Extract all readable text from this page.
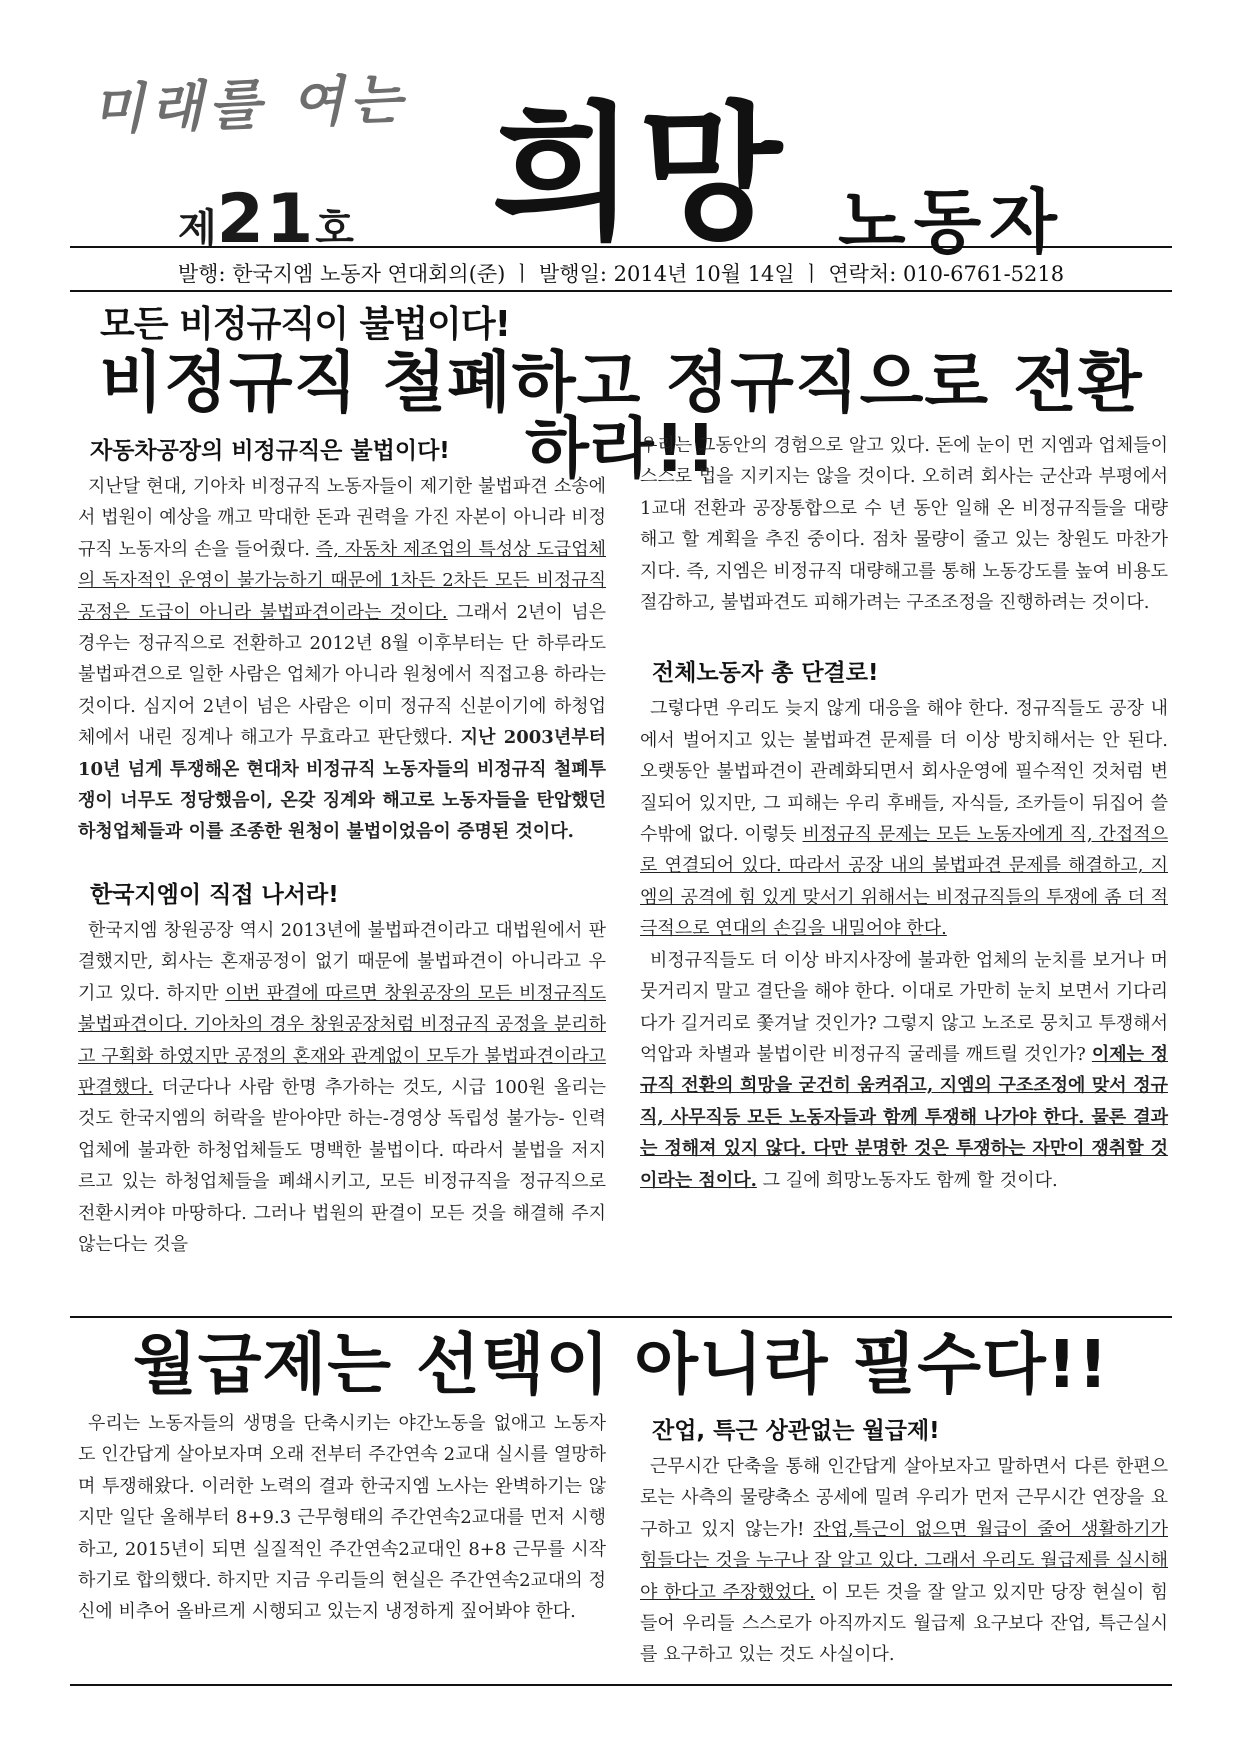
미래를 여는
제21호 희망 노동자
발행: 한국지엠 노동자 연대회의(준) ㅣ 발행일: 2014년 10월 14일 ㅣ 연락처: 010-6761-5218
모든 비정규직이 불법이다!
비정규직 철폐하고 정규직으로 전환하라!!
자동차공장의 비정규직은 불법이다!

지난달 현대, 기아차 비정규직 노동자들이 제기한 불법파견 소송에서 법원이 예상을 깨고 막대한 돈과 권력을 가진 자본이 아니라 비정규직 노동자의 손을 들어줬다. 즉, 자동차 제조업의 특성상 도급업체의 독자적인 운영이 불가능하기 때문에 1차든 2차든 모든 비정규직 공정은 도급이 아니라 불법파견이라는 것이다. 그래서 2년이 넘은 경우는 정규직으로 전환하고 2012년 8월 이후부터는 단 하루라도 불법파견으로 일한 사람은 업체가 아니라 원청에서 직접고용 하라는 것이다. 심지어 2년이 넘은 사람은 이미 정규직 신분이기에 하청업체에서 내린 징계나 해고가 무효라고 판단했다. 지난 2003년부터 10년 넘게 투쟁해온 현대차 비정규직 노동자들의 비정규직 철폐투쟁이 너무도 정당했음이, 온갖 징계와 해고로 노동자들을 탄압했던 하청업체들과 이를 조종한 원청이 불법이었음이 증명된 것이다.

한국지엠이 직접 나서라!

한국지엠 창원공장 역시 2013년에 불법파견이라고 대법원에서 판결했지만, 회사는 혼재공정이 없기 때문에 불법파견이 아니라고 우기고 있다. 하지만 이번 판결에 따르면 창원공장의 모든 비정규직도 불법파견이다. 기아차의 경우 창원공장처럼 비정규직 공정을 분리하고 구획화 하였지만 공정의 혼재와 관계없이 모두가 불법파견이라고 판결했다. 더군다나 사람 한명 추가하는 것도, 시급 100원 올리는 것도 한국지엠의 허락을 받아야만 하는-경영상 독립성 불가능- 인력업체에 불과한 하청업체들도 명백한 불법이다. 따라서 불법을 저지르고 있는 하청업체들을 폐쇄시키고, 모든 비정규직을 정규직으로 전환시켜야 마땅하다. 그러나 법원의 판결이 모든 것을 해결해 주지 않는다는 것을

우리는 그동안의 경험으로 알고 있다. 돈에 눈이 먼 지엠과 업체들이 스스로 법을 지키지는 않을 것이다. 오히려 회사는 군산과 부평에서 1교대 전환과 공장통합으로 수 년 동안 일해 온 비정규직들을 대량해고 할 계획을 추진 중이다. 점차 물량이 줄고 있는 창원도 마찬가지다. 즉, 지엠은 비정규직 대량해고를 통해 노동강도를 높여 비용도 절감하고, 불법파견도 피해가려는 구조조정을 진행하려는 것이다.

전체노동자 총 단결로!

그렇다면 우리도 늦지 않게 대응을 해야 한다. 정규직들도 공장 내에서 벌어지고 있는 불법파견 문제를 더 이상 방치해서는 안 된다. 오랫동안 불법파견이 관례화되면서 회사운영에 필수적인 것처럼 변질되어 있지만, 그 피해는 우리 후배들, 자식들, 조카들이 뒤집어 쓸 수밖에 없다. 이렇듯 비정규직 문제는 모든 노동자에게 직, 간접적으로 연결되어 있다. 따라서 공장 내의 불법파견 문제를 해결하고, 지엠의 공격에 힘 있게 맞서기 위해서는 비정규직들의 투쟁에 좀 더 적극적으로 연대의 손길을 내밀어야 한다.

비정규직들도 더 이상 바지사장에 불과한 업체의 눈치를 보거나 머뭇거리지 말고 결단을 해야 한다. 이대로 가만히 눈치 보면서 기다리다가 길거리로 쫓겨날 것인가? 그렇지 않고 노조로 뭉치고 투쟁해서 억압과 차별과 불법이란 비정규직 굴레를 깨트릴 것인가? 이제는 정규직 전환의 희망을 굳건히 움켜쥐고, 지엠의 구조조정에 맞서 정규직, 사무직등 모든 노동자들과 함께 투쟁해 나가야 한다. 물론 결과는 정해져 있지 않다. 다만 분명한 것은 투쟁하는 자만이 쟁취할 것이라는 점이다. 그 길에 희망노동자도 함께 할 것이다.

월급제는 선택이 아니라 필수다!!

우리는 노동자들의 생명을 단축시키는 야간노동을 없애고 노동자도 인간답게 살아보자며 오래 전부터 주간연속 2교대 실시를 열망하며 투쟁해왔다. 이러한 노력의 결과 한국지엠 노사는 완벽하기는 않지만 일단 올해부터 8+9.3 근무형태의 주간연속2교대를 먼저 시행하고, 2015년이 되면 실질적인 주간연속2교대인 8+8 근무를 시작하기로 합의했다. 하지만 지금 우리들의 현실은 주간연속2교대의 정신에 비추어 올바르게 시행되고 있는지 냉정하게 짚어봐야 한다.

잔업, 특근 상관없는 월급제!

근무시간 단축을 통해 인간답게 살아보자고 말하면서 다른 한편으로는 사측의 물량축소 공세에 밀려 우리가 먼저 근무시간 연장을 요구하고 있지 않는가! 잔업,특근이 없으면 월급이 줄어 생활하기가 힘들다는 것을 누구나 잘 알고 있다. 그래서 우리도 월급제를 실시해야 한다고 주장했었다. 이 모든 것을 잘 알고 있지만 당장 현실이 힘들어 우리들 스스로가 아직까지도 월급제 요구보다 잔업, 특근실시를 요구하고 있는 것도 사실이다.
